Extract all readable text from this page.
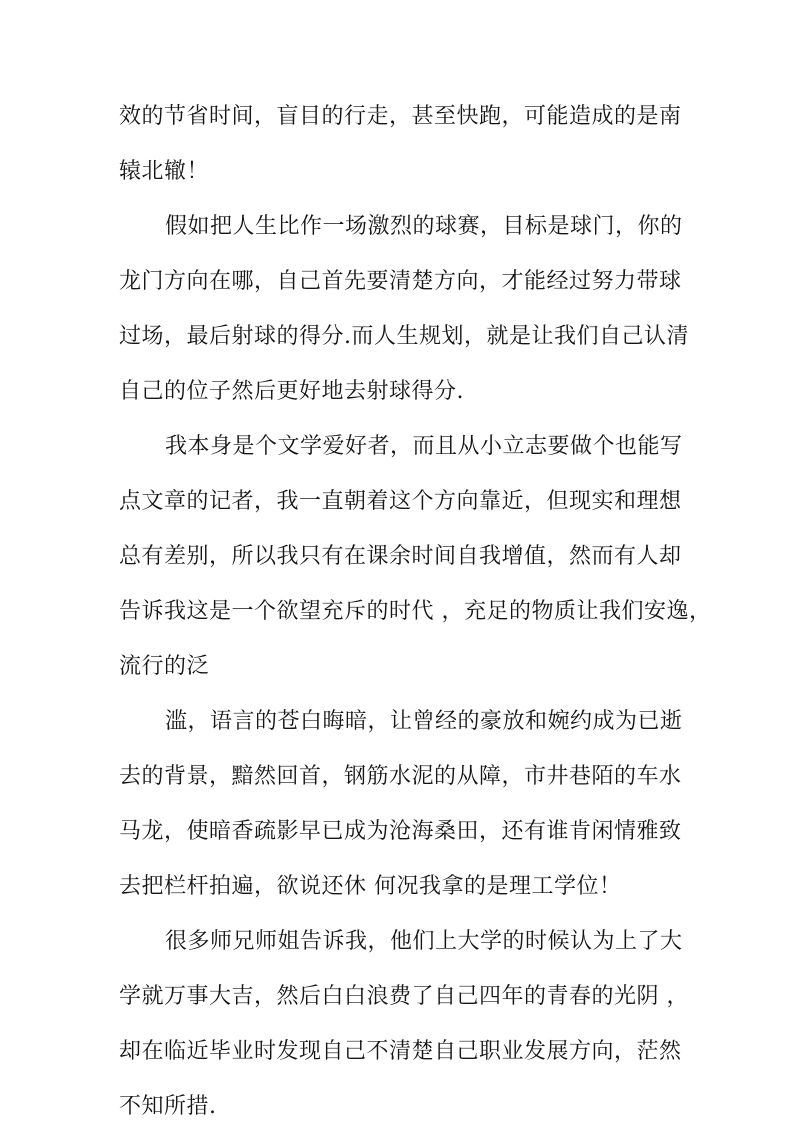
效的节省时间，盲目的行走，甚至快跑，可能造成的是南
辕北辙！
假如把人生比作一场激烈的球赛，目标是球门，你的
龙门方向在哪，自己首先要清楚方向，才能经过努力带球
过场，最后射球的得分.而人生规划，就是让我们自己认清
自己的位子然后更好地去射球得分.
我本身是个文学爱好者，而且从小立志要做个也能写
点文章的记者，我一直朝着这个方向靠近，但现实和理想
总有差别，所以我只有在课余时间自我增值，然而有人却
告诉我这是一个欲望充斥的时代 ，充足的物质让我们安逸，
流行的泛
滥，语言的苍白晦暗，让曾经的豪放和婉约成为已逝
去的背景，黯然回首，钢筋水泥的从障，市井巷陌的车水
马龙，使暗香疏影早已成为沧海桑田，还有谁肯闲情雅致
去把栏杆拍遍，欲说还休 何况我拿的是理工学位！
很多师兄师姐告诉我，他们上大学的时候认为上了大
学就万事大吉，然后白白浪费了自己四年的青春的光阴 ，
却在临近毕业时发现自己不清楚自己职业发展方向，茫然
不知所措.
